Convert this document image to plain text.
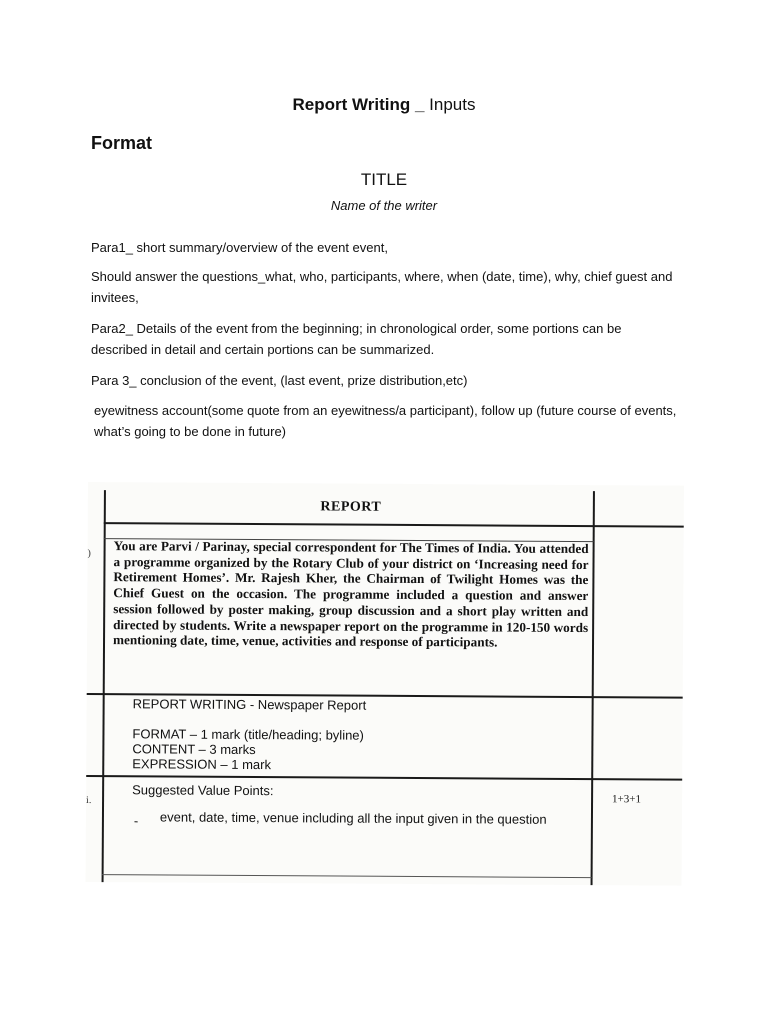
Report Writing _ Inputs
Format
TITLE
Name of the writer
Para1_ short summary/overview of the event event,
Should answer the questions_what, who, participants, where, when (date, time), why, chief guest and invitees,
Para2_ Details of the event from the beginning; in chronological order, some portions can be described in detail and certain portions can be summarized.
Para 3_ conclusion of the event, (last event, prize distribution,etc)
eyewitness account(some quote from an eyewitness/a participant), follow up (future course of events, what’s going to be done in future)
)
i.
REPORT
You are Parvi / Parinay, special correspondent for The Times of India. You attended a programme organized by the Rotary Club of your district on ‘Increasing need for Retirement Homes’. Mr. Rajesh Kher, the Chairman of Twilight Homes was the Chief Guest on the occasion. The programme included a question and answer session followed by poster making, group discussion and a short play written and directed by students. Write a newspaper report on the programme in 120-150 words mentioning date, time, venue, activities and response of participants.
REPORT WRITING - Newspaper Report
FORMAT – 1 mark (title/heading; byline)
CONTENT – 3 marks
EXPRESSION – 1 mark
Suggested Value Points:
- event, date, time, venue including all the input given in the question
1+3+1
